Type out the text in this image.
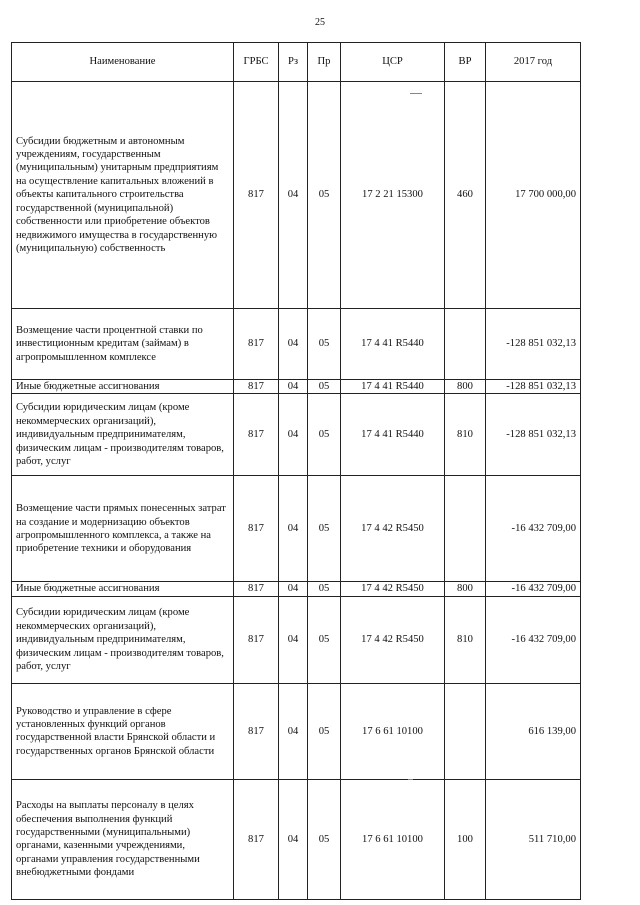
25
Наименование	ГРБС	Рз	Пр	ЦСР	ВР	2017 год
Субсидии бюджетным и автономным учреждениям, государственным (муниципальным) унитарным предприятиям на осуществление капитальных вложений в объекты капитального строительства государственной (муниципальной) собственности или приобретение объектов недвижимого имущества в государственную (муниципальную) собственность	817	04	05	17 2 21 15300	460	17 700 000,00
Возмещение части процентной ставки по инвестиционным кредитам (займам) в агропромышленном комплексе	817	04	05	17 4 41 R5440		-128 851 032,13
Иные бюджетные ассигнования	817	04	05	17 4 41 R5440	800	-128 851 032,13
Субсидии юридическим лицам (кроме некоммерческих организаций), индивидуальным предпринимателям, физическим лицам - производителям товаров, работ, услуг	817	04	05	17 4 41 R5440	810	-128 851 032,13
Возмещение части прямых понесенных затрат на создание и модернизацию объектов агропромышленного комплекса, а также на приобретение техники и оборудования	817	04	05	17 4 42 R5450		-16 432 709,00
Иные бюджетные ассигнования	817	04	05	17 4 42 R5450	800	-16 432 709,00
Субсидии юридическим лицам (кроме некоммерческих организаций), индивидуальным предпринимателям, физическим лицам - производителям товаров, работ, услуг	817	04	05	17 4 42 R5450	810	-16 432 709,00
Руководство и управление в сфере установленных функций органов государственной власти Брянской области и государственных органов Брянской области	817	04	05	17 6 61 10100		616 139,00
Расходы на выплаты персоналу в целях обеспечения выполнения функций государственными (муниципальными) органами, казенными учреждениями, органами управления государственными внебюджетными фондами	817	04	05	17 6 61 10100	100	511 710,00
